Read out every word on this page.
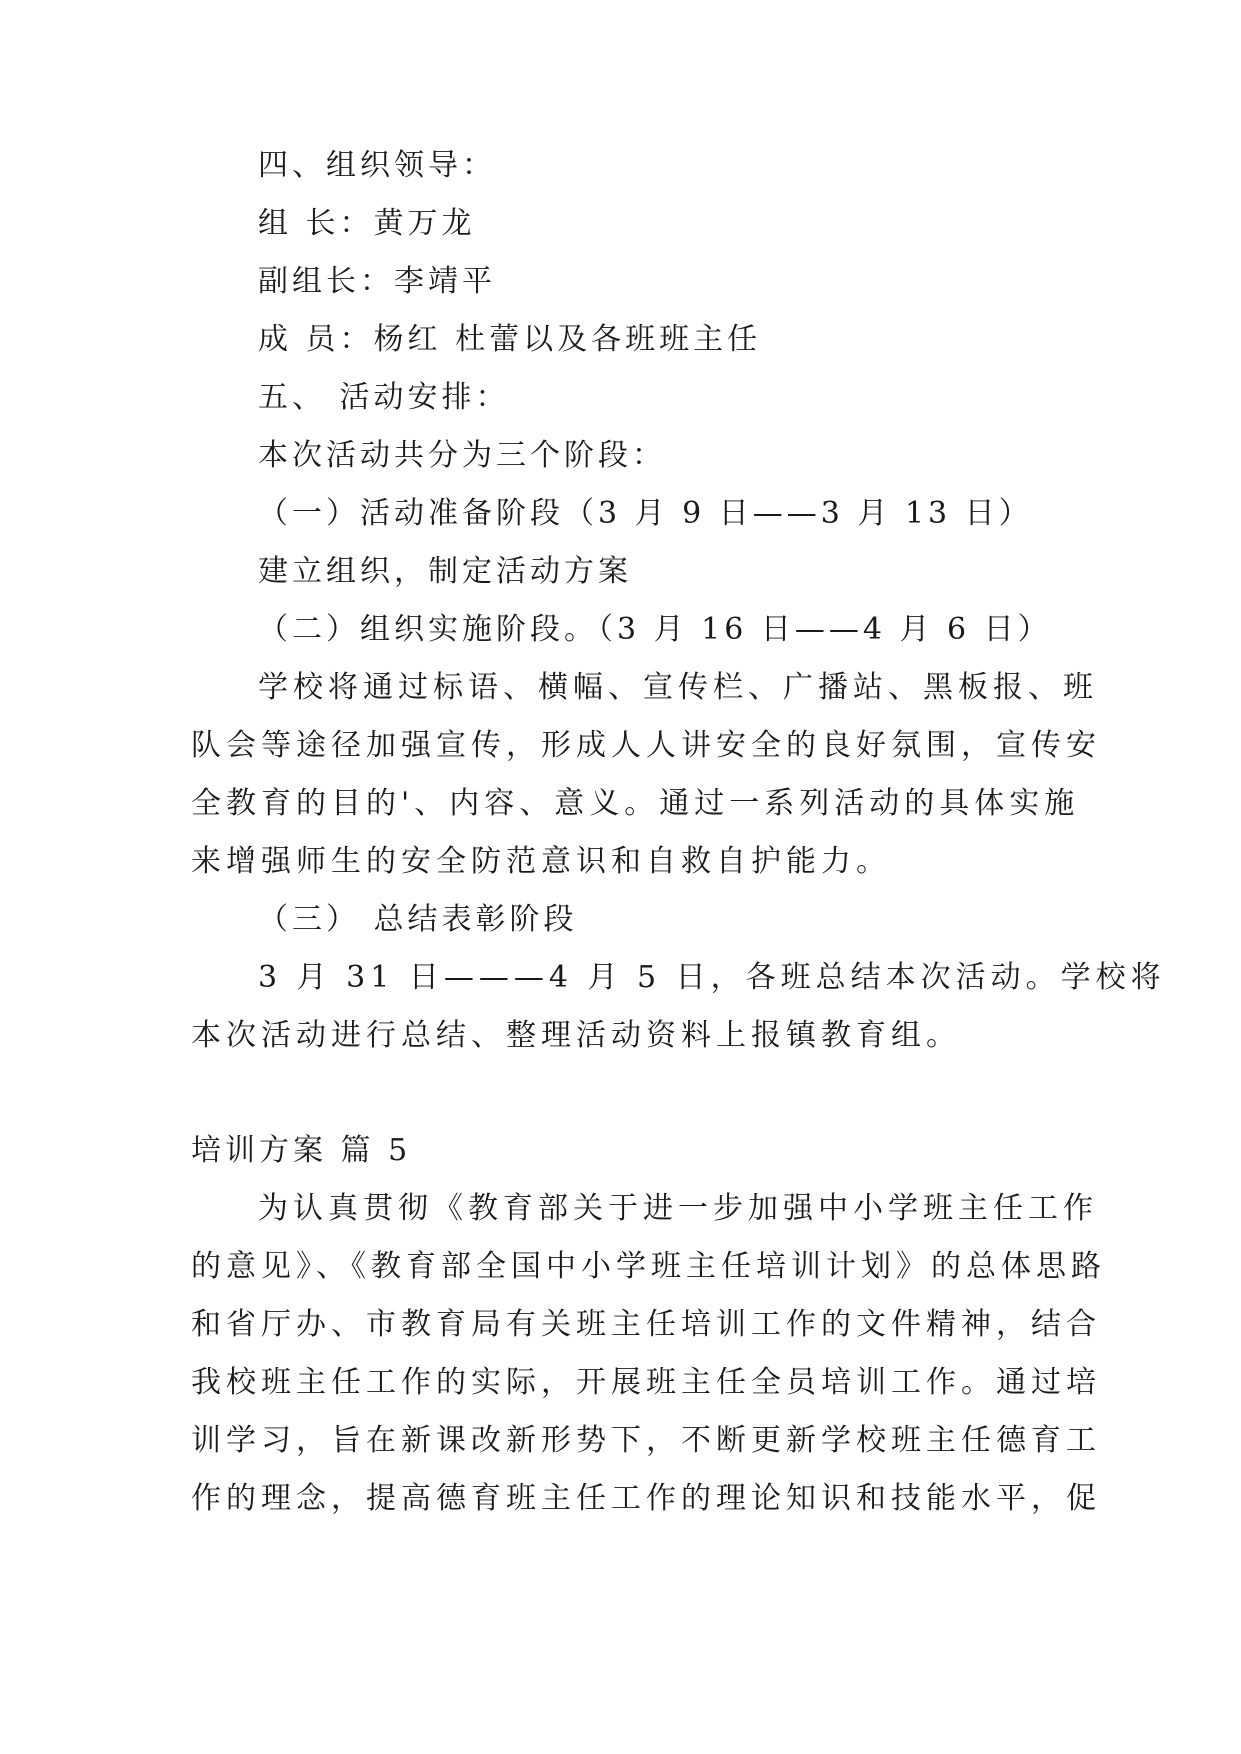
四、组织领导：
组 长：黄万龙
副组长：李靖平
成 员：杨红 杜蕾以及各班班主任
五、 活动安排：
本次活动共分为三个阶段：
（一）活动准备阶段（3 月 9 日——3 月 13 日）
建立组织，制定活动方案
（二）组织实施阶段。（3 月 16 日——4 月 6 日）
学校将通过标语、横幅、宣传栏、广播站、黑板报、班
队会等途径加强宣传，形成人人讲安全的良好氛围，宣传安
全教育的目的'、内容、意义。通过一系列活动的具体实施
来增强师生的安全防范意识和自救自护能力。
（三） 总结表彰阶段
3 月 31 日———4 月 5 日，各班总结本次活动。学校将
本次活动进行总结、整理活动资料上报镇教育组。
培训方案 篇 5
为认真贯彻《教育部关于进一步加强中小学班主任工作
的意见》、《教育部全国中小学班主任培训计划》的总体思路
和省厅办、市教育局有关班主任培训工作的文件精神，结合
我校班主任工作的实际，开展班主任全员培训工作。通过培
训学习，旨在新课改新形势下，不断更新学校班主任德育工
作的理念，提高德育班主任工作的理论知识和技能水平，促
